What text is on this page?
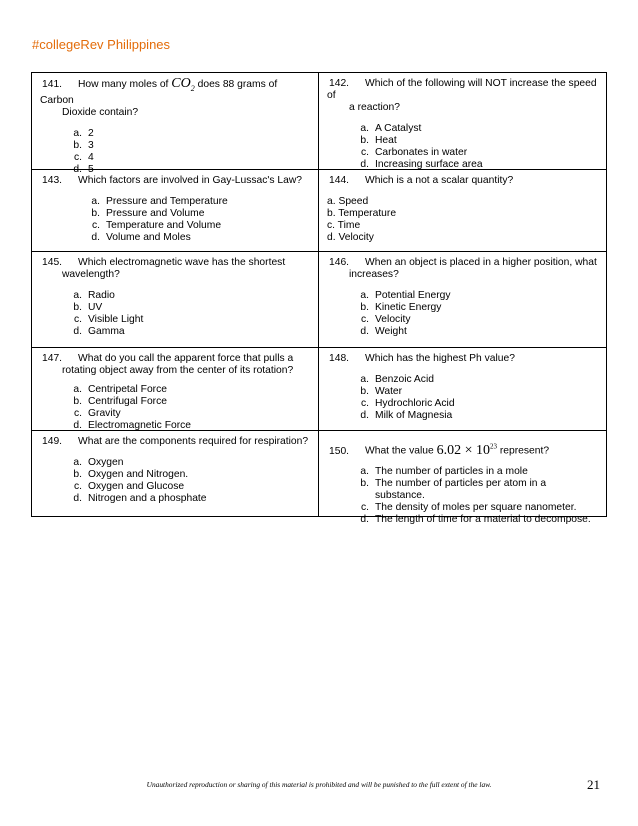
#collegeRev Philippines
141. How many moles of $CO_2$ does 88 grams of Carbon
Dioxide contain?
a. 2
b. 3
c. 4
d. 5
142. Which of the following will NOT increase the speed of
a reaction?
a. A Catalyst
b. Heat
c. Carbonates in water
d. Increasing surface area
143. Which factors are involved in Gay-Lussac's Law?
a. Pressure and Temperature
b. Pressure and Volume
c. Temperature and Volume
d. Volume and Moles
144. Which is a not a scalar quantity?
a. Speed
b. Temperature
c. Time
d. Velocity
145. Which electromagnetic wave has the shortest
wavelength?
a. Radio
b. UV
c. Visible Light
d. Gamma
146. When an object is placed in a higher position, what
increases?
a. Potential Energy
b. Kinetic Energy
c. Velocity
d. Weight
147. What do you call the apparent force that pulls a
rotating object away from the center of its rotation?
a. Centripetal Force
b. Centrifugal Force
c. Gravity
d. Electromagnetic Force
148. Which has the highest Ph value?
a. Benzoic Acid
b. Water
c. Hydrochloric Acid
d. Milk of Magnesia
149. What are the components required for respiration?
a. Oxygen
b. Oxygen and Nitrogen.
c. Oxygen and Glucose
d. Nitrogen and a phosphate
150. What the value $6.02 \times 10^{23}$ represent?
a. The number of particles in a mole
b. The number of particles per atom in a substance.
c. The density of moles per square nanometer.
d. The length of time for a material to decompose.
Unauthorized reproduction or sharing of this material is prohibited and will be punished to the full extent of the law.	21
